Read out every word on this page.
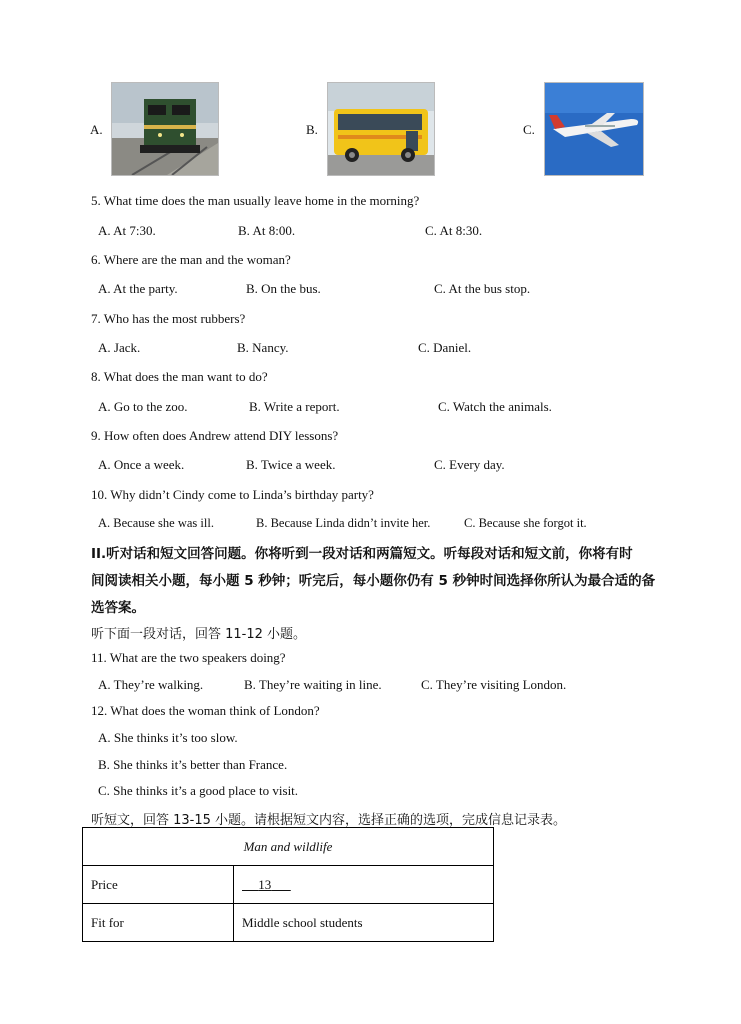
A.	B.	C.
5. What time does the man usually leave home in the morning?
A. At 7:30.	B. At 8:00.	C. At 8:30.
6. Where are the man and the woman?
A. At the party.	B. On the bus.	C. At the bus stop.
7. Who has the most rubbers?
A. Jack.	B. Nancy.	C. Daniel.
8. What does the man want to do?
A. Go to the zoo.	B. Write a report.	C. Watch the animals.
9. How often does Andrew attend DIY lessons?
A. Once a week.	B. Twice a week.	C. Every day.
10. Why didn’t Cindy come to Linda’s birthday party?
A. Because she was ill.	B. Because Linda didn’t invite her.	C. Because she forgot it.
II.听对话和短文回答问题。你将听到一段对话和两篇短文。听每段对话和短文前，你将有时
间阅读相关小题，每小题 5 秒钟；听完后，每小题你仍有 5 秒钟时间选择你所认为最合适的备
选答案。
听下面一段对话，回答 11-12 小题。
11. What are the two speakers doing?
A. They’re walking.	B. They’re waiting in line.	C. They’re visiting London.
12. What does the woman think of London?
A. She thinks it’s too slow.
B. She thinks it’s better than France.
C. She thinks it’s a good place to visit.
听短文，回答 13-15 小题。请根据短文内容，选择正确的选项，完成信息记录表。
Man and wildlife	
Price	13
Fit for	Middle school students
